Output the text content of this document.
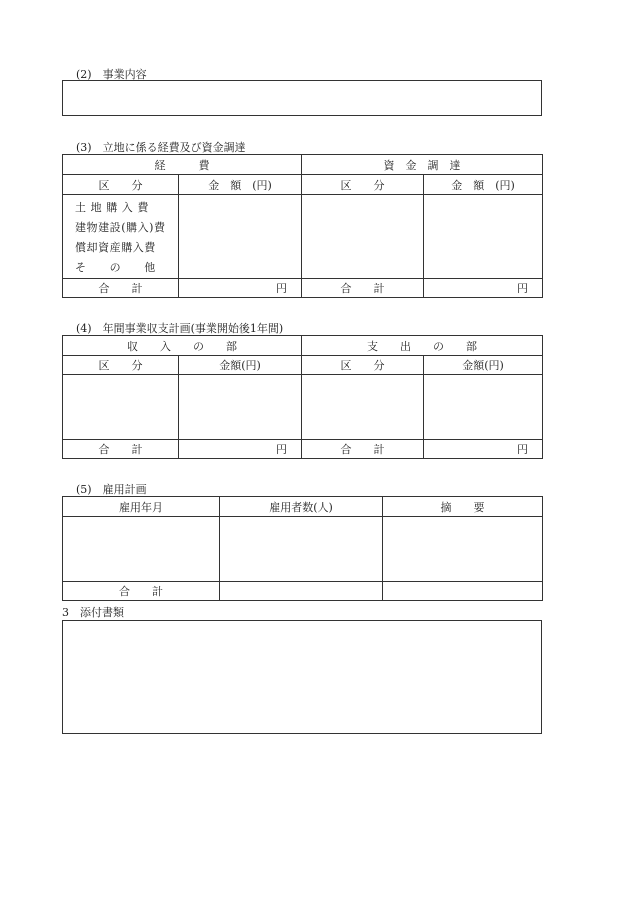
(2)　事業内容
(3)　立地に係る経費及び資金調達
経　　　費		資　金　調　達	
区　　分	金　額　(円)	区　　分	金　額　(円)

土 地 購 入 費
建物建設(購入)費
償却資産購入費
そ　　の　　他			

合　　計	円	合　　計	円
(4)　年間事業収支計画(事業開始後1年間)
収　　入　　の　　部		支　　出　　の　　部	
区　　分	金額(円)	区　　分	金額(円)

合　　計	円	合　　計	円
(5)　雇用計画
雇用年月	雇用者数(人)	摘　　要

合　　計		
3　添付書類
